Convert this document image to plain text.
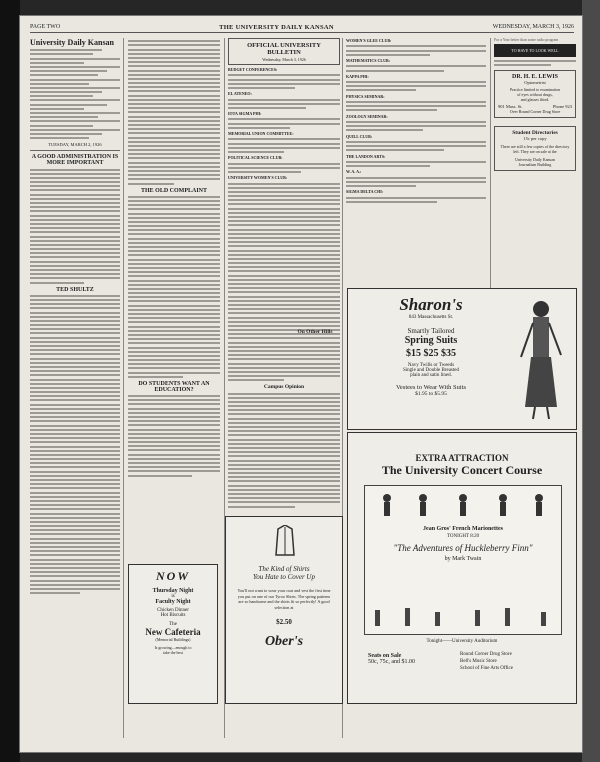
PAGE TWO	THE UNIVERSITY DAILY KANSAN	WEDNESDAY, MARCH 3, 1926
University Daily Kansan
TUESDAY, MARCH 2, 1926
A GOOD ADMINISTRATION IS MORE IMPORTANT
TED SHULTZ
THE OLD COMPLAINT
DO STUDENTS WANT AN EDUCATION?
NOW
Thursday Night
is
Faculty Night
Chicken Dinner
Hot Biscuits
The
New Cafeteria
(Memorial Buildings)
Is growing—enough to
take the best
OFFICIAL UNIVERSITY BULLETIN
Wednesday, March 3, 1926
BUDGET CONFERENCES:
EL ATENEO:
IOTA SIGMA PHI:
MEMORIAL UNION COMMITTEE:
POLITICAL SCIENCE CLUB:
UNIVERSITY WOMEN'S CLUB:
Campus Opinion
WOMEN'S GLEE CLUB:
MATHEMATICS CLUB:
KAPPA PHI:
PHYSICS SEMINAR:
ZOOLOGY SEMINAR:
QUILL CLUB:
THE LANDON ARTS:
W. A. A.:
SIGMA DELTA CHI:
For a Year better than some radio program
TO HAVE TO LOOK WELL
DR. H. E. LEWIS
Optometrist
Practice limited to examination
of eyes without drugs,
and glasses fitted.
901 Mass. St.	Phone 923
Over Round Corner Drug Store
Student Directories
15c per copy
There are still a few copies of the directory left. They are on sale at the
University Daily Kansan
Journalism Building
Sharon's
843 Massachusetts St.
Smartly Tailored
Spring Suits
$15 $25 $35
Navy Twills or Tweeds
Single and Double Breasted
plain and satin lined.
Vestees to Wear With Suits
$1.95 to $5.95
EXTRA ATTRACTION
The University Concert Course
Jean Gros' French Marionettes
TONIGHT 8:20
"The Adventures of Huckleberry Finn"
by Mark Twain
Tonight——University Auditorium
Seats on Sale
50c, 75c, and $1.00
Round Corner Drug Store
Bell's Music Store
School of Fine Arts Office
The Kind of Shirts
You Hate to Cover Up
You'll not want to wear your coat and vest the first time you put on one of our Tyroo Shirts. The spring patterns are so handsome and the shirts fit so perfectly! A good selection at
$2.50
Ober's
On Other Hills
